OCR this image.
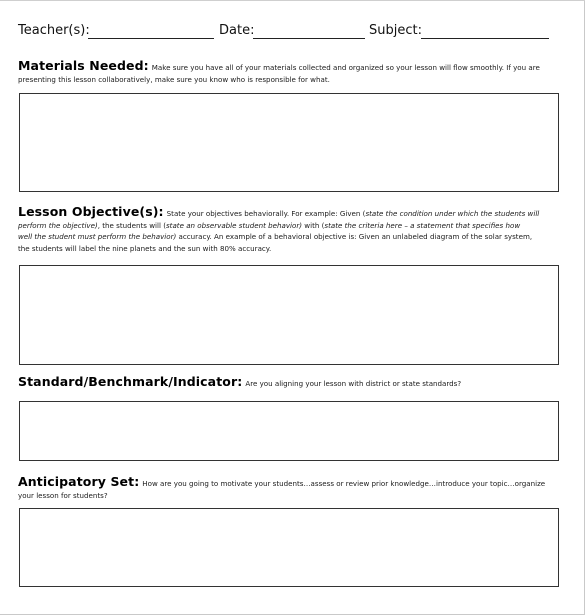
Teacher(s):	Date:	Subject:
Materials Needed: Make sure you have all of your materials collected and organized so your lesson will flow smoothly. If you are
presenting this lesson collaboratively, make sure you know who is responsible for what.
Lesson Objective(s): State your objectives behaviorally. For example: Given (state the condition under which the students will
perform the objective), the students will (state an observable student behavior) with (state the criteria here – a statement that specifies how
well the student must perform the behavior) accuracy. An example of a behavioral objective is: Given an unlabeled diagram of the solar system,
the students will label the nine planets and the sun with 80% accuracy.
Standard/Benchmark/Indicator: Are you aligning your lesson with district or state standards?
Anticipatory Set: How are you going to motivate your students…assess or review prior knowledge…introduce your topic…organize
your lesson for students?
